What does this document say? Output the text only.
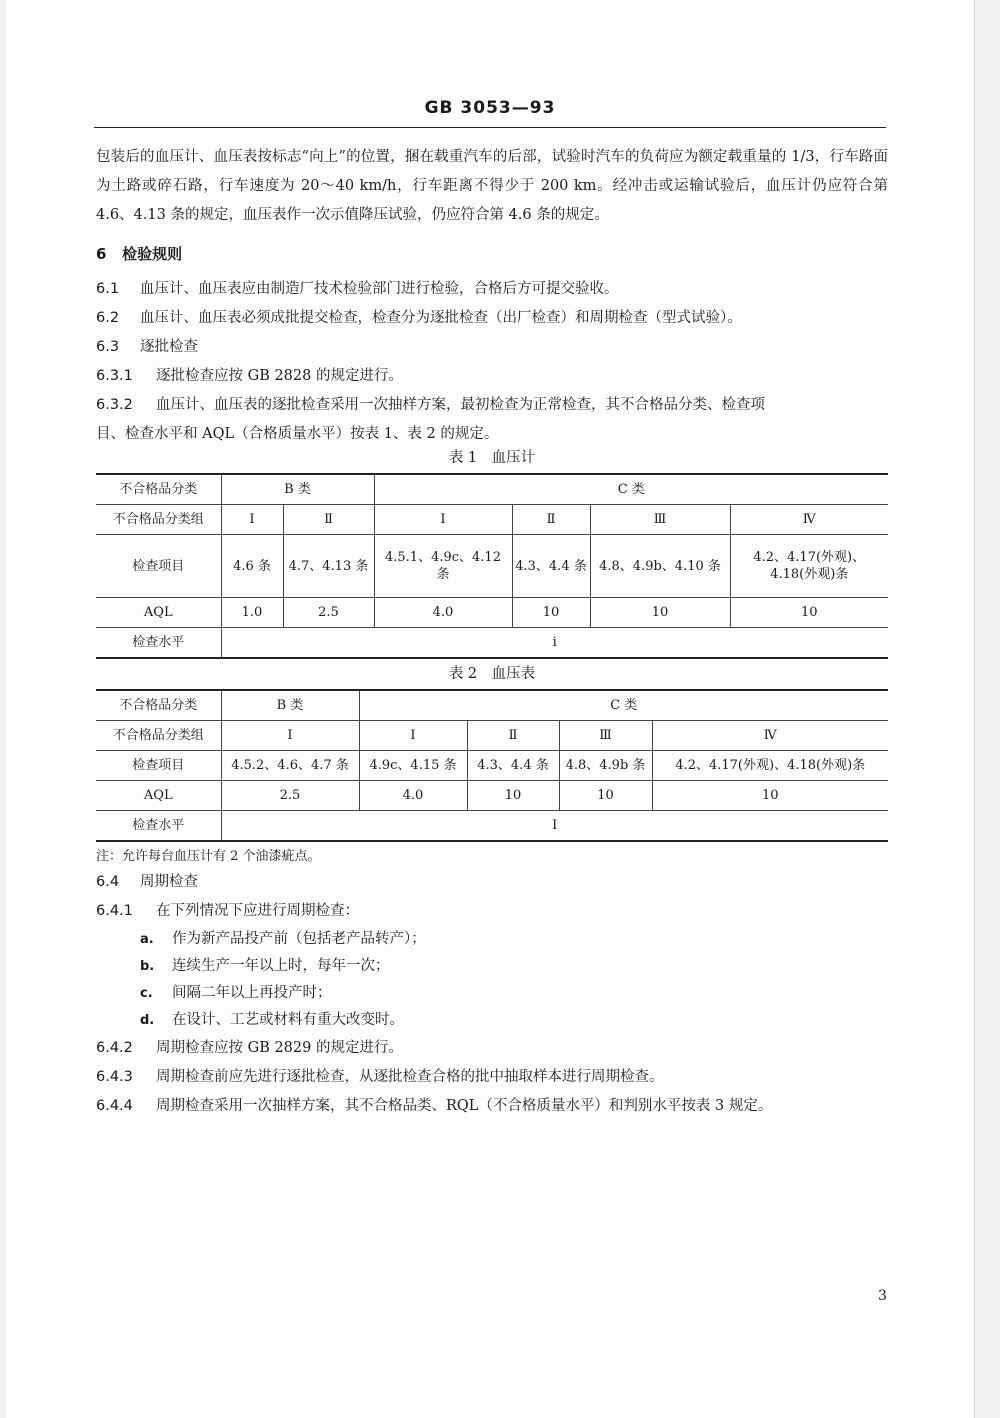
GB 3053—93

包装后的血压计、血压表按标志“向上”的位置，捆在载重汽车的后部，试验时汽车的负荷应为额定载重量的 1/3，行车路面为土路或碎石路，行车速度为 20～40 km/h，行车距离不得少于 200 km。经冲击或运输试验后，血压计仍应符合第 4.6、4.13 条的规定，血压表作一次示值降压试验，仍应符合第 4.6 条的规定。

6 检验规则

6.1 血压计、血压表应由制造厂技术检验部门进行检验，合格后方可提交验收。

6.2 血压计、血压表必须成批提交检查，检查分为逐批检查（出厂检查）和周期检查（型式试验）。

6.3 逐批检查

6.3.1 逐批检查应按 GB 2828 的规定进行。

6.3.2 血压计、血压表的逐批检查采用一次抽样方案，最初检查为正常检查，其不合格品分类、检查项

目、检查水平和 AQL（合格质量水平）按表 1、表 2 的规定。

表 1　血压计
不合格品分类	B 类		C 类			
不合格品分类组	Ⅰ	Ⅱ	Ⅰ	Ⅱ	Ⅲ	Ⅳ
检查项目	4.6 条	4.7、4.13 条	4.5.1、4.9c、4.12 条	4.3、4.4 条	4.8、4.9b、4.10 条	4.2、4.17(外观)、
4.18(外观)条

AQL	1.0	2.5	4.0	10	10	10
检查水平	i					
表 2　血压表
不合格品分类	B 类	C 类			
不合格品分类组	Ⅰ	Ⅰ	Ⅱ	Ⅲ	Ⅳ
检查项目	4.5.2、4.6、4.7 条	4.9c、4.15 条	4.3、4.4 条	4.8、4.9b 条	4.2、4.17(外观)、4.18(外观)条
AQL	2.5	4.0	10	10	10
检查水平	Ⅰ				

注：允许每台血压计有 2 个油漆疵点。

6.4 周期检查

6.4.1 在下列情况下应进行周期检查：

a. 作为新产品投产前（包括老产品转产）；

b. 连续生产一年以上时，每年一次；

c. 间隔二年以上再投产时；

d. 在设计、工艺或材料有重大改变时。

6.4.2 周期检查应按 GB 2829 的规定进行。

6.4.3 周期检查前应先进行逐批检查，从逐批检查合格的批中抽取样本进行周期检查。

6.4.4 周期检查采用一次抽样方案，其不合格品类、RQL（不合格质量水平）和判别水平按表 3 规定。

3
